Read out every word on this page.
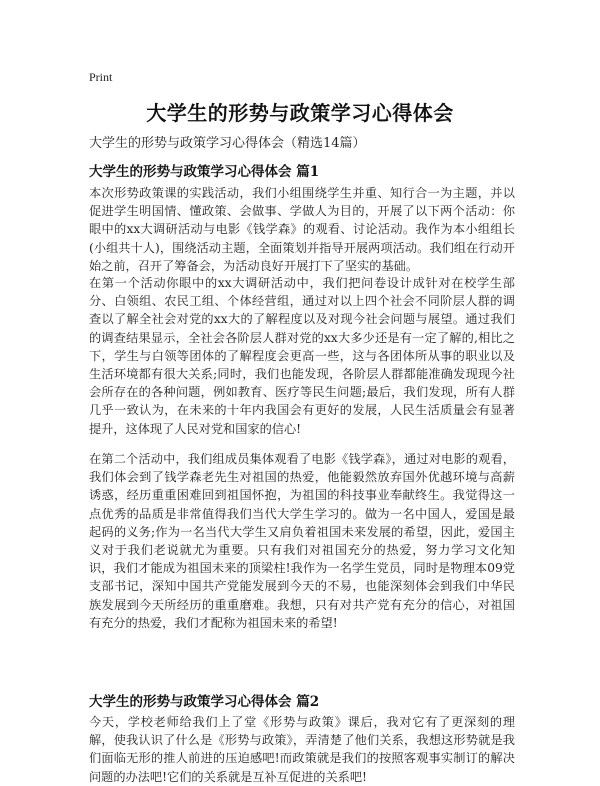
Print
大学生的形势与政策学习心得体会
大学生的形势与政策学习心得体会（精选14篇）
大学生的形势与政策学习心得体会 篇1
本次形势政策课的实践活动，我们小组围绕学生并重、知行合一为主题，并以促进学生明国情、懂政策、会做事、学做人为目的，开展了以下两个活动：你眼中的xx大调研活动与电影《钱学森》的观看、讨论活动。我作为本小组组长(小组共十人)，围绕活动主题，全面策划并指导开展两项活动。我们组在行动开始之前，召开了筹备会，为活动良好开展打下了坚实的基础。
在第一个活动你眼中的xx大调研活动中，我们把问卷设计成针对在校学生部分、白领组、农民工组、个体经营组，通过对以上四个社会不同阶层人群的调查以了解全社会对党的xx大的了解程度以及对现今社会问题与展望。通过我们的调查结果显示，全社会各阶层人群对党的xx大多少还是有一定了解的,相比之下，学生与白领等团体的了解程度会更高一些，这与各团体所从事的职业以及生活环境都有很大关系;同时，我们也能发现，各阶层人群都能准确发现现今社会所存在的各种问题，例如教育、医疗等民生问题;最后，我们发现，所有人群几乎一致认为，在未来的十年内我国会有更好的发展，人民生活质量会有显著提升，这体现了人民对党和国家的信心!
在第二个活动中，我们组成员集体观看了电影《钱学森》，通过对电影的观看，我们体会到了钱学森老先生对祖国的热爱，他能毅然放弃国外优越环境与高薪诱惑，经历重重困难回到祖国怀抱，为祖国的科技事业奉献终生。我觉得这一点优秀的品质是非常值得我们当代大学生学习的。做为一名中国人，爱国是最起码的义务;作为一名当代大学生又肩负着祖国未来发展的希望，因此，爱国主义对于我们老说就尤为重要。只有我们对祖国充分的热爱，努力学习文化知识，我们才能成为祖国未来的顶梁柱!我作为一名学生党员，同时是物理本09党支部书记，深知中国共产党能发展到今天的不易，也能深刻体会到我们中华民族发展到今天所经历的重重磨难。我想，只有对共产党有充分的信心，对祖国有充分的热爱，我们才配称为祖国未来的希望!
大学生的形势与政策学习心得体会 篇2
今天，学校老师给我们上了堂《形势与政策》课后，我对它有了更深刻的理解，使我认识了什么是《形势与政策》，弄清楚了他们关系，我想这形势就是我们面临无形的推人前进的压迫感吧!而政策就是我们的按照客观事实制订的解决问题的办法吧!它们的关系就是互补互促进的关系吧!
